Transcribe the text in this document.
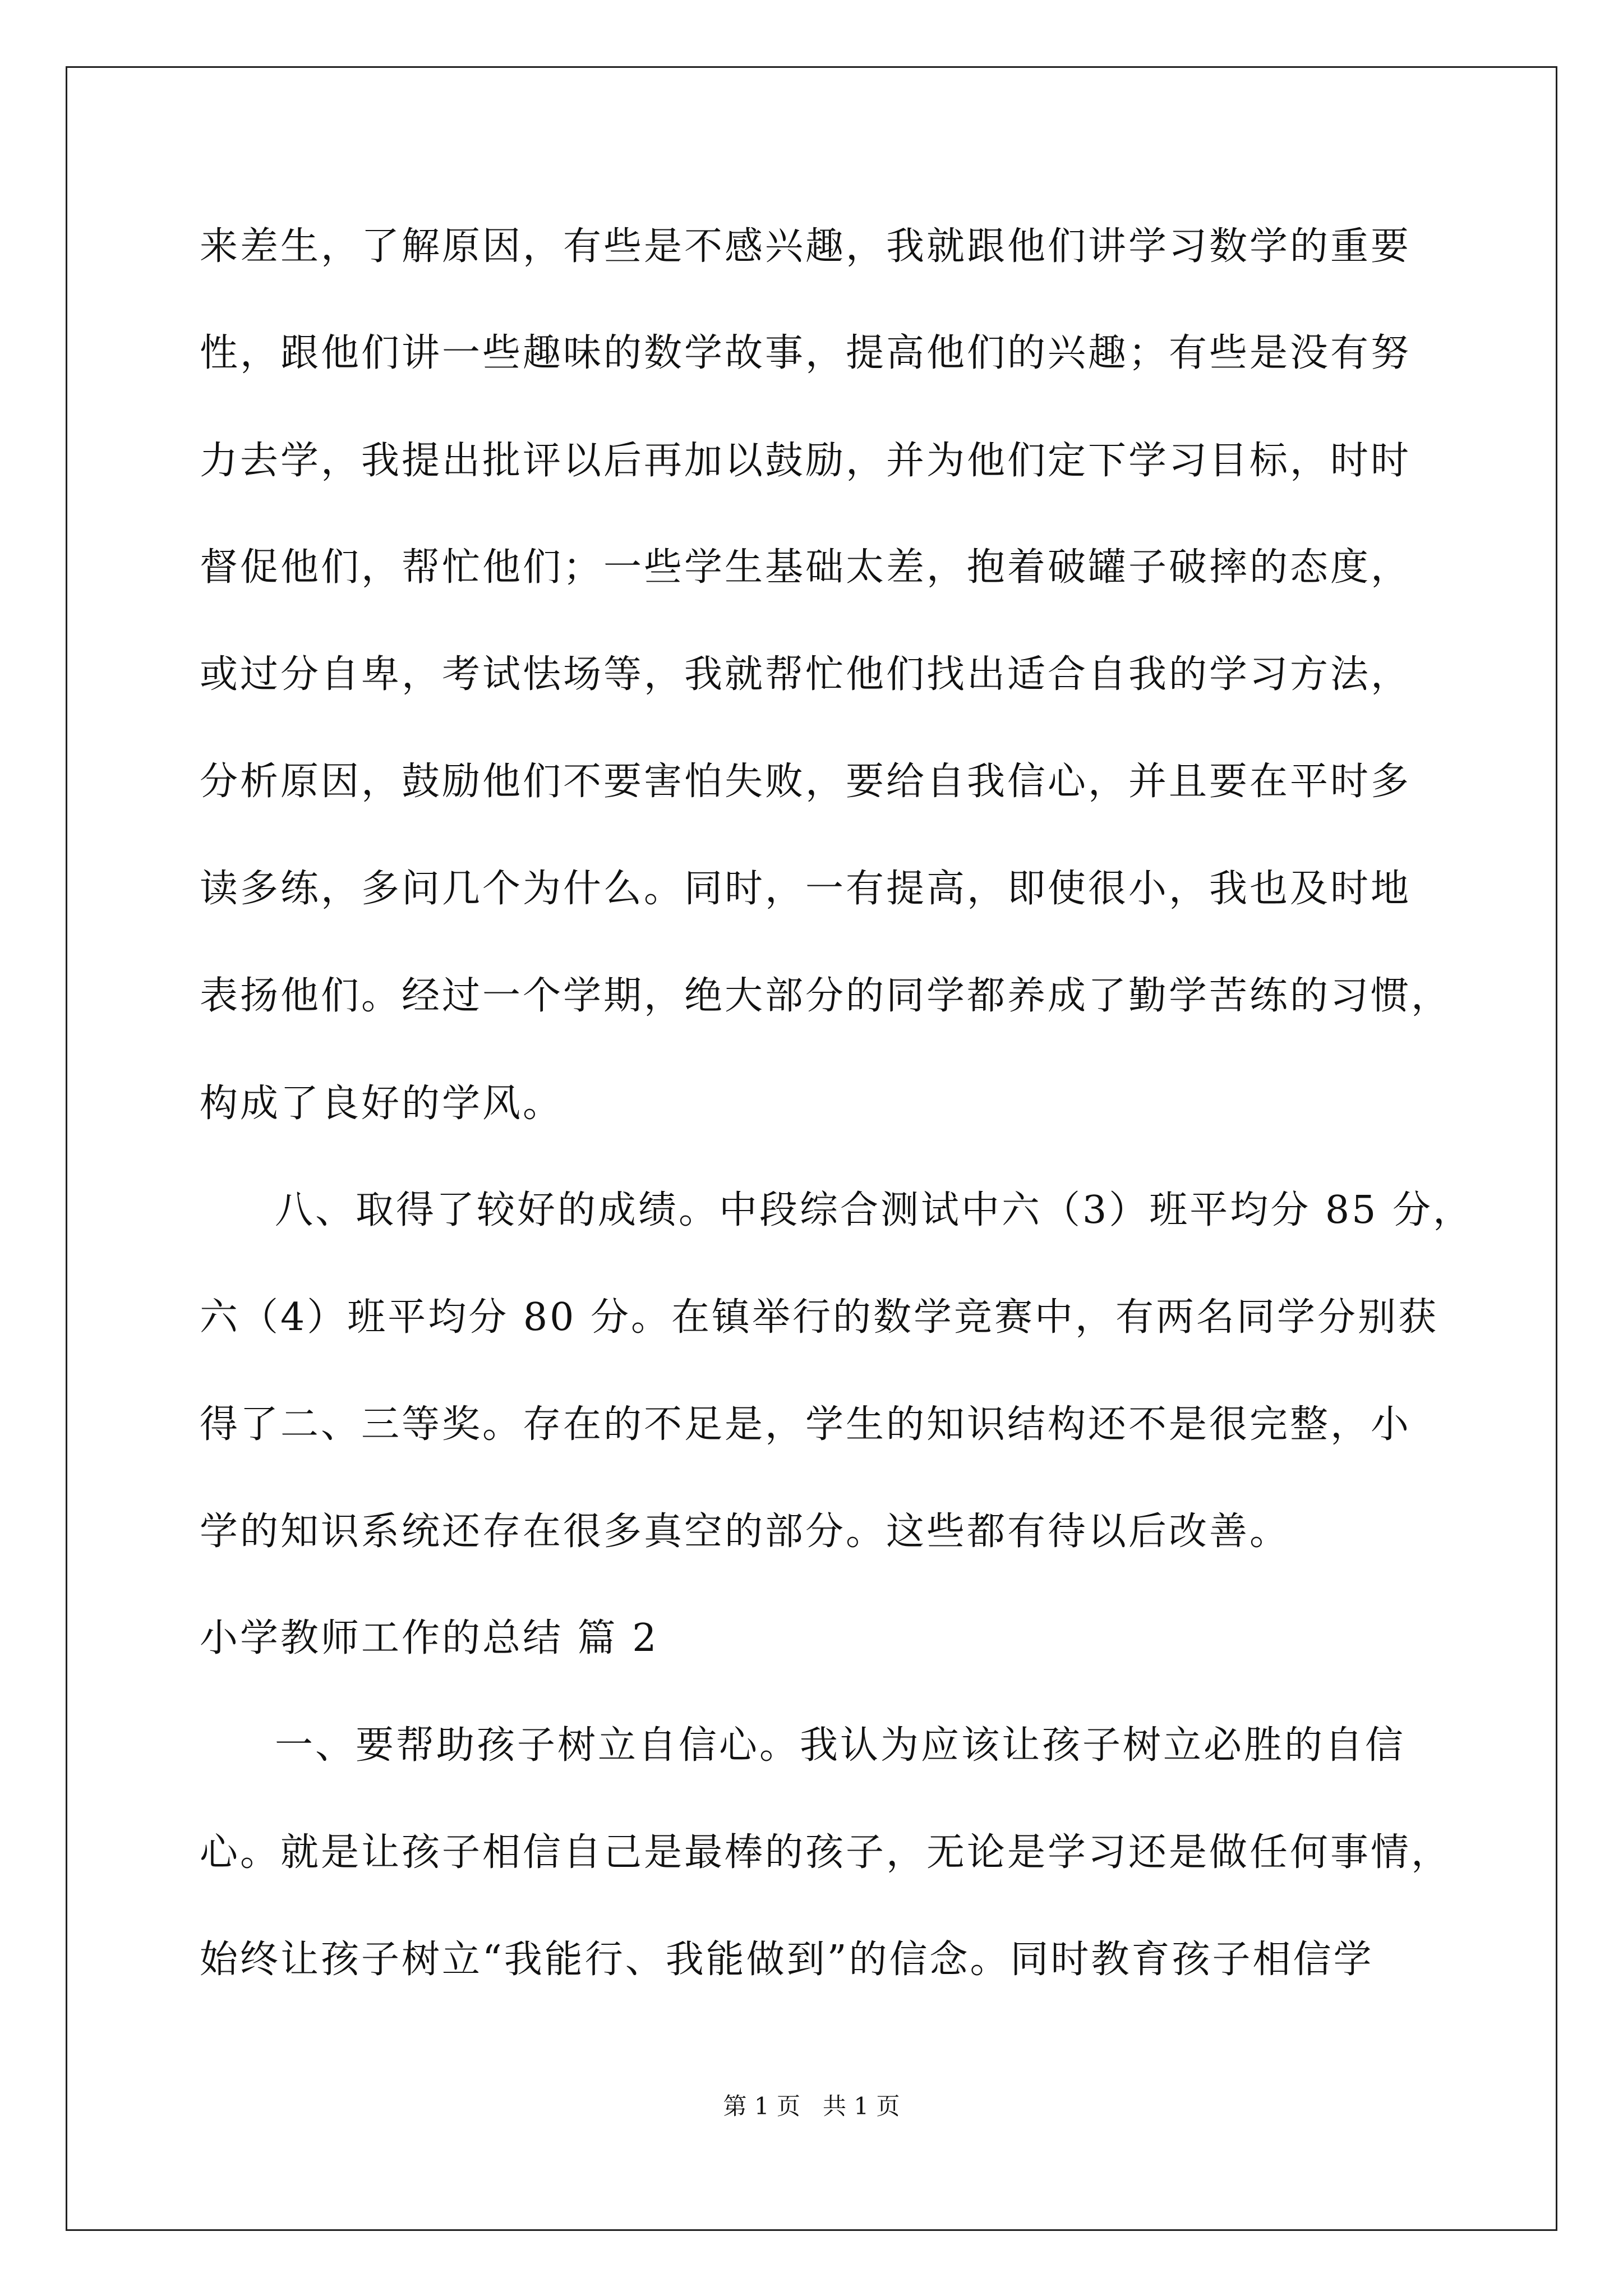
来差生，了解原因，有些是不感兴趣，我就跟他们讲学习数学的重要
性，跟他们讲一些趣味的数学故事，提高他们的兴趣；有些是没有努
力去学，我提出批评以后再加以鼓励，并为他们定下学习目标，时时
督促他们，帮忙他们；一些学生基础太差，抱着破罐子破摔的态度，
或过分自卑，考试怯场等，我就帮忙他们找出适合自我的学习方法，
分析原因，鼓励他们不要害怕失败，要给自我信心，并且要在平时多
读多练，多问几个为什么。同时，一有提高，即使很小，我也及时地
表扬他们。经过一个学期，绝大部分的同学都养成了勤学苦练的习惯，
构成了良好的学风。
八、取得了较好的成绩。中段综合测试中六（3）班平均分 85 分，
六（4）班平均分 80 分。在镇举行的数学竞赛中，有两名同学分别获
得了二、三等奖。存在的不足是，学生的知识结构还不是很完整，小
学的知识系统还存在很多真空的部分。这些都有待以后改善。
小学教师工作的总结 篇 2
一、要帮助孩子树立自信心。我认为应该让孩子树立必胜的自信
心。就是让孩子相信自己是最棒的孩子，无论是学习还是做任何事情，
始终让孩子树立“我能行、我能做到”的信念。同时教育孩子相信学
第 1 页   共 1 页
